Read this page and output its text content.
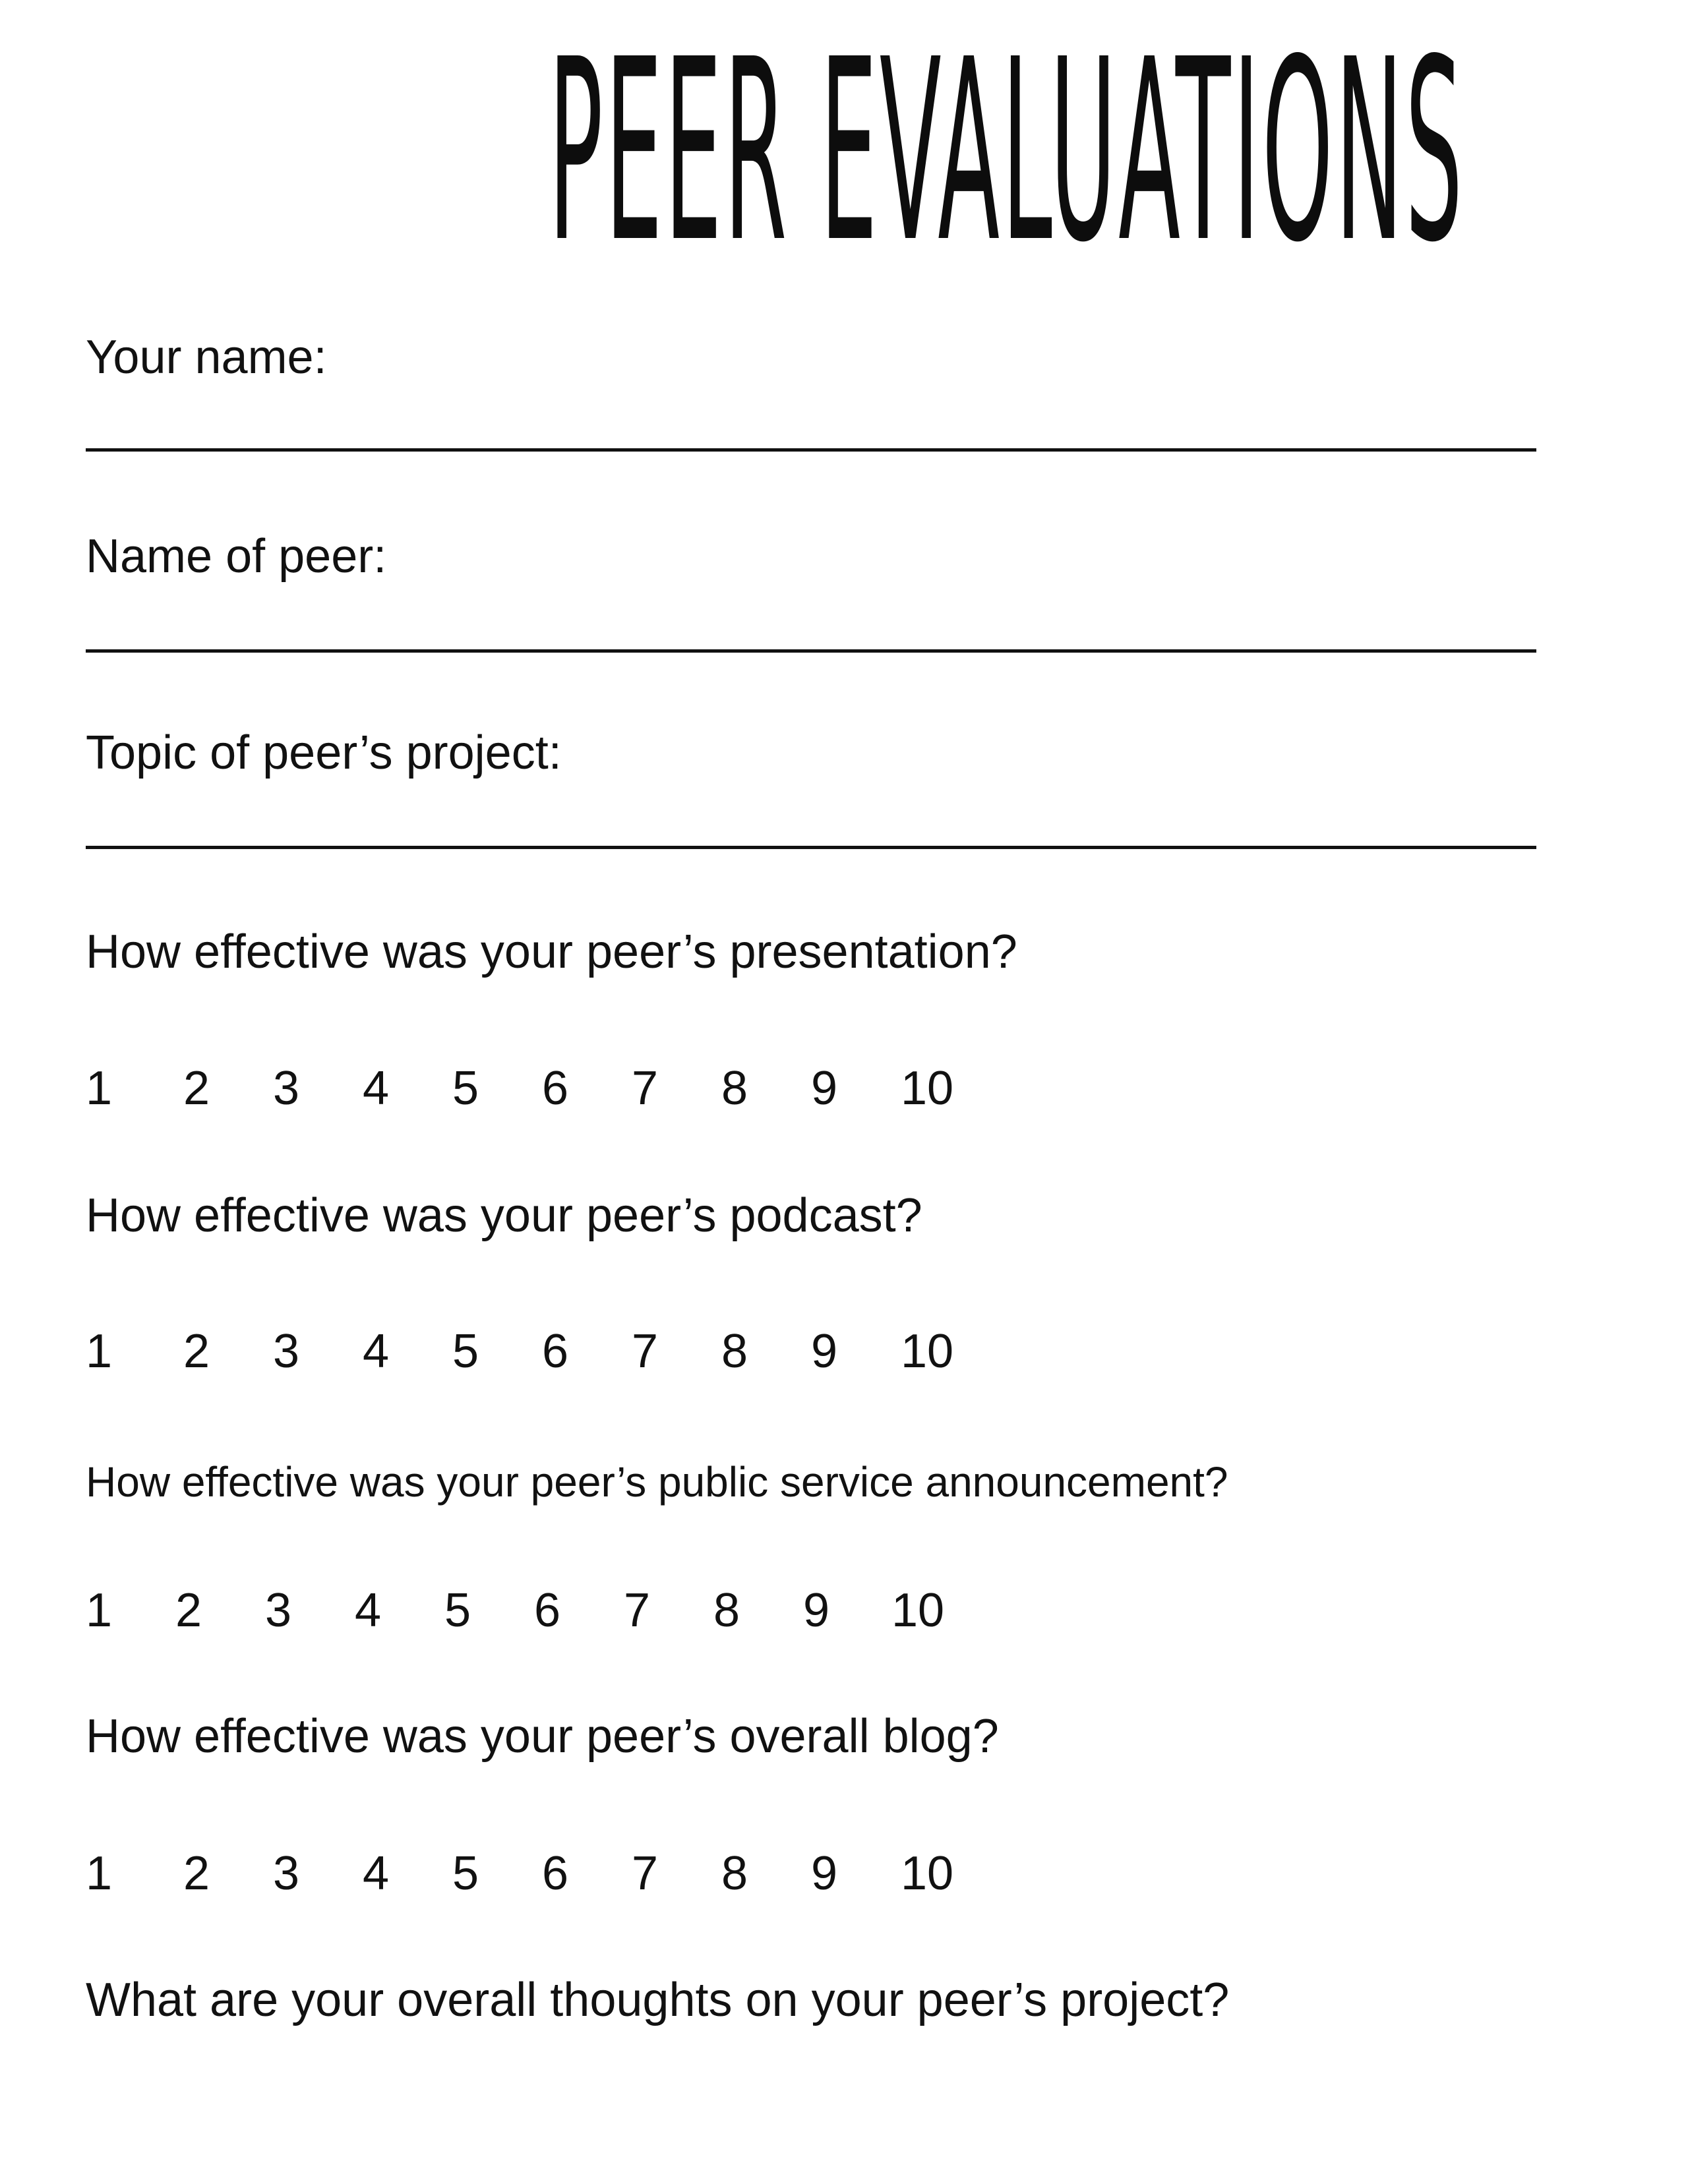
PEER EVALUATIONS

Your name:

Name of peer:

Topic of peer’s project:

How effective was your peer’s presentation?

1 2 3 4 5 6 7 8 9 10

How effective was your peer’s podcast?

1 2 3 4 5 6 7 8 9 10

How effective was your peer’s public service announcement?

1 2 3 4 5 6 7 8 9 10

How effective was your peer’s overall blog?

1 2 3 4 5 6 7 8 9 10

What are your overall thoughts on your peer’s project?
